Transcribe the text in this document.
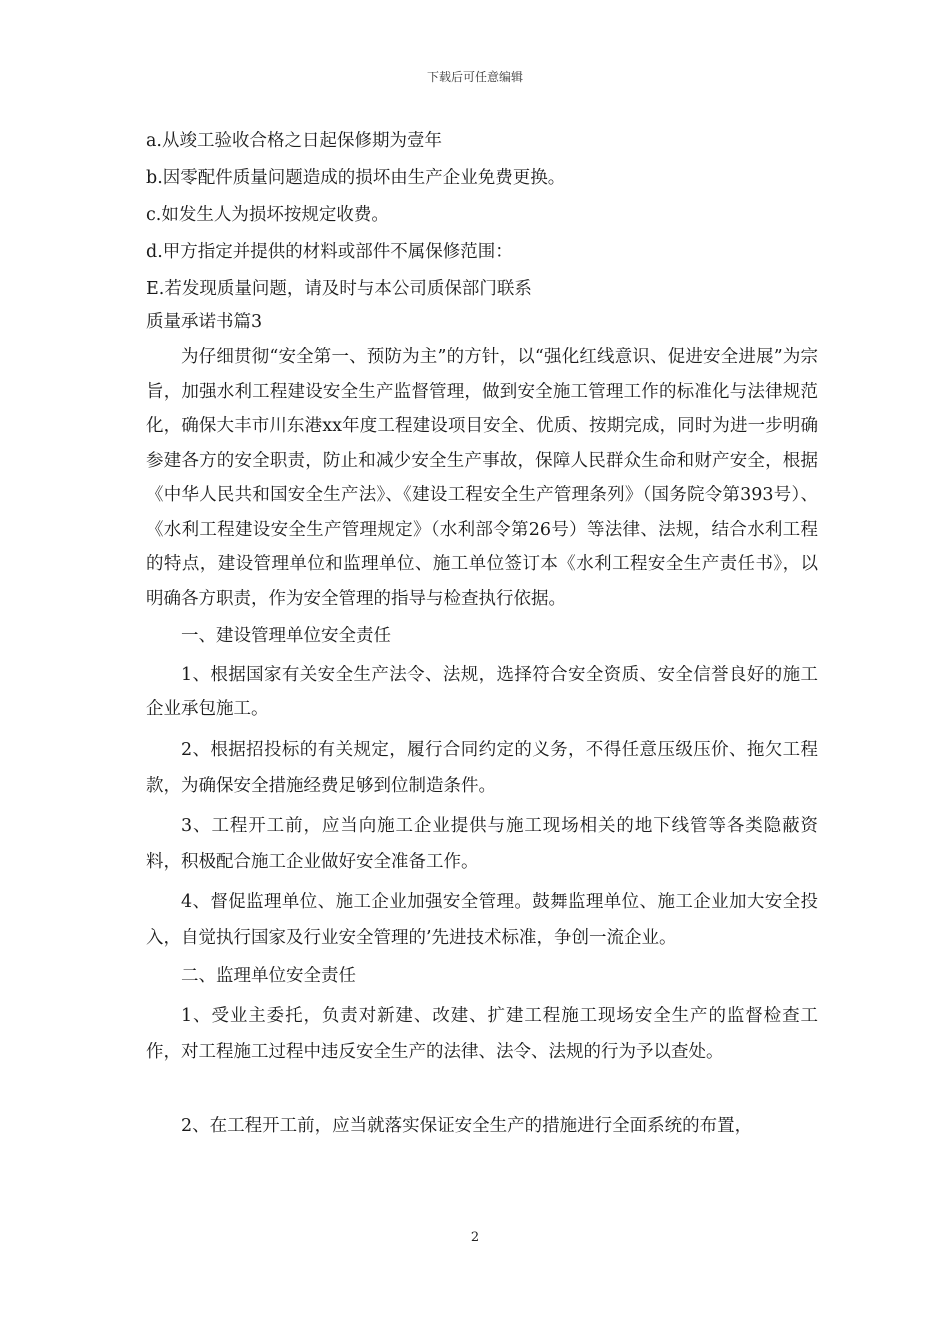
下载后可任意编辑
a.从竣工验收合格之日起保修期为壹年
b.因零配件质量问题造成的损坏由生产企业免费更换。
c.如发生人为损坏按规定收费。
d.甲方指定并提供的材料或部件不属保修范围：
E.若发现质量问题，请及时与本公司质保部门联系
质量承诺书篇3

为仔细贯彻“安全第一、预防为主”的方针，以“强化红线意识、促进安全进展”为宗旨，加强水利工程建设安全生产监督管理，做到安全施工管理工作的标准化与法律规范化，确保大丰市川东港xx年度工程建设项目安全、优质、按期完成，同时为进一步明确参建各方的安全职责，防止和减少安全生产事故，保障人民群众生命和财产安全，根据《中华人民共和国安全生产法》、《建设工程安全生产管理条列》（国务院令第393号）、《水利工程建设安全生产管理规定》（水利部令第26号）等法律、法规，结合水利工程的特点，建设管理单位和监理单位、施工单位签订本《水利工程安全生产责任书》，以明确各方职责，作为安全管理的指导与检查执行依据。

一、建设管理单位安全责任

1、根据国家有关安全生产法令、法规，选择符合安全资质、安全信誉良好的施工企业承包施工。

2、根据招投标的有关规定，履行合同约定的义务，不得任意压级压价、拖欠工程款，为确保安全措施经费足够到位制造条件。

3、工程开工前，应当向施工企业提供与施工现场相关的地下线管等各类隐蔽资料，积极配合施工企业做好安全准备工作。

4、督促监理单位、施工企业加强安全管理。鼓舞监理单位、施工企业加大安全投入，自觉执行国家及行业安全管理的’先进技术标准，争创一流企业。

二、监理单位安全责任

1、受业主委托，负责对新建、改建、扩建工程施工现场安全生产的监督检查工作，对工程施工过程中违反安全生产的法律、法令、法规的行为予以查处。

2、在工程开工前，应当就落实保证安全生产的措施进行全面系统的布置，

2
